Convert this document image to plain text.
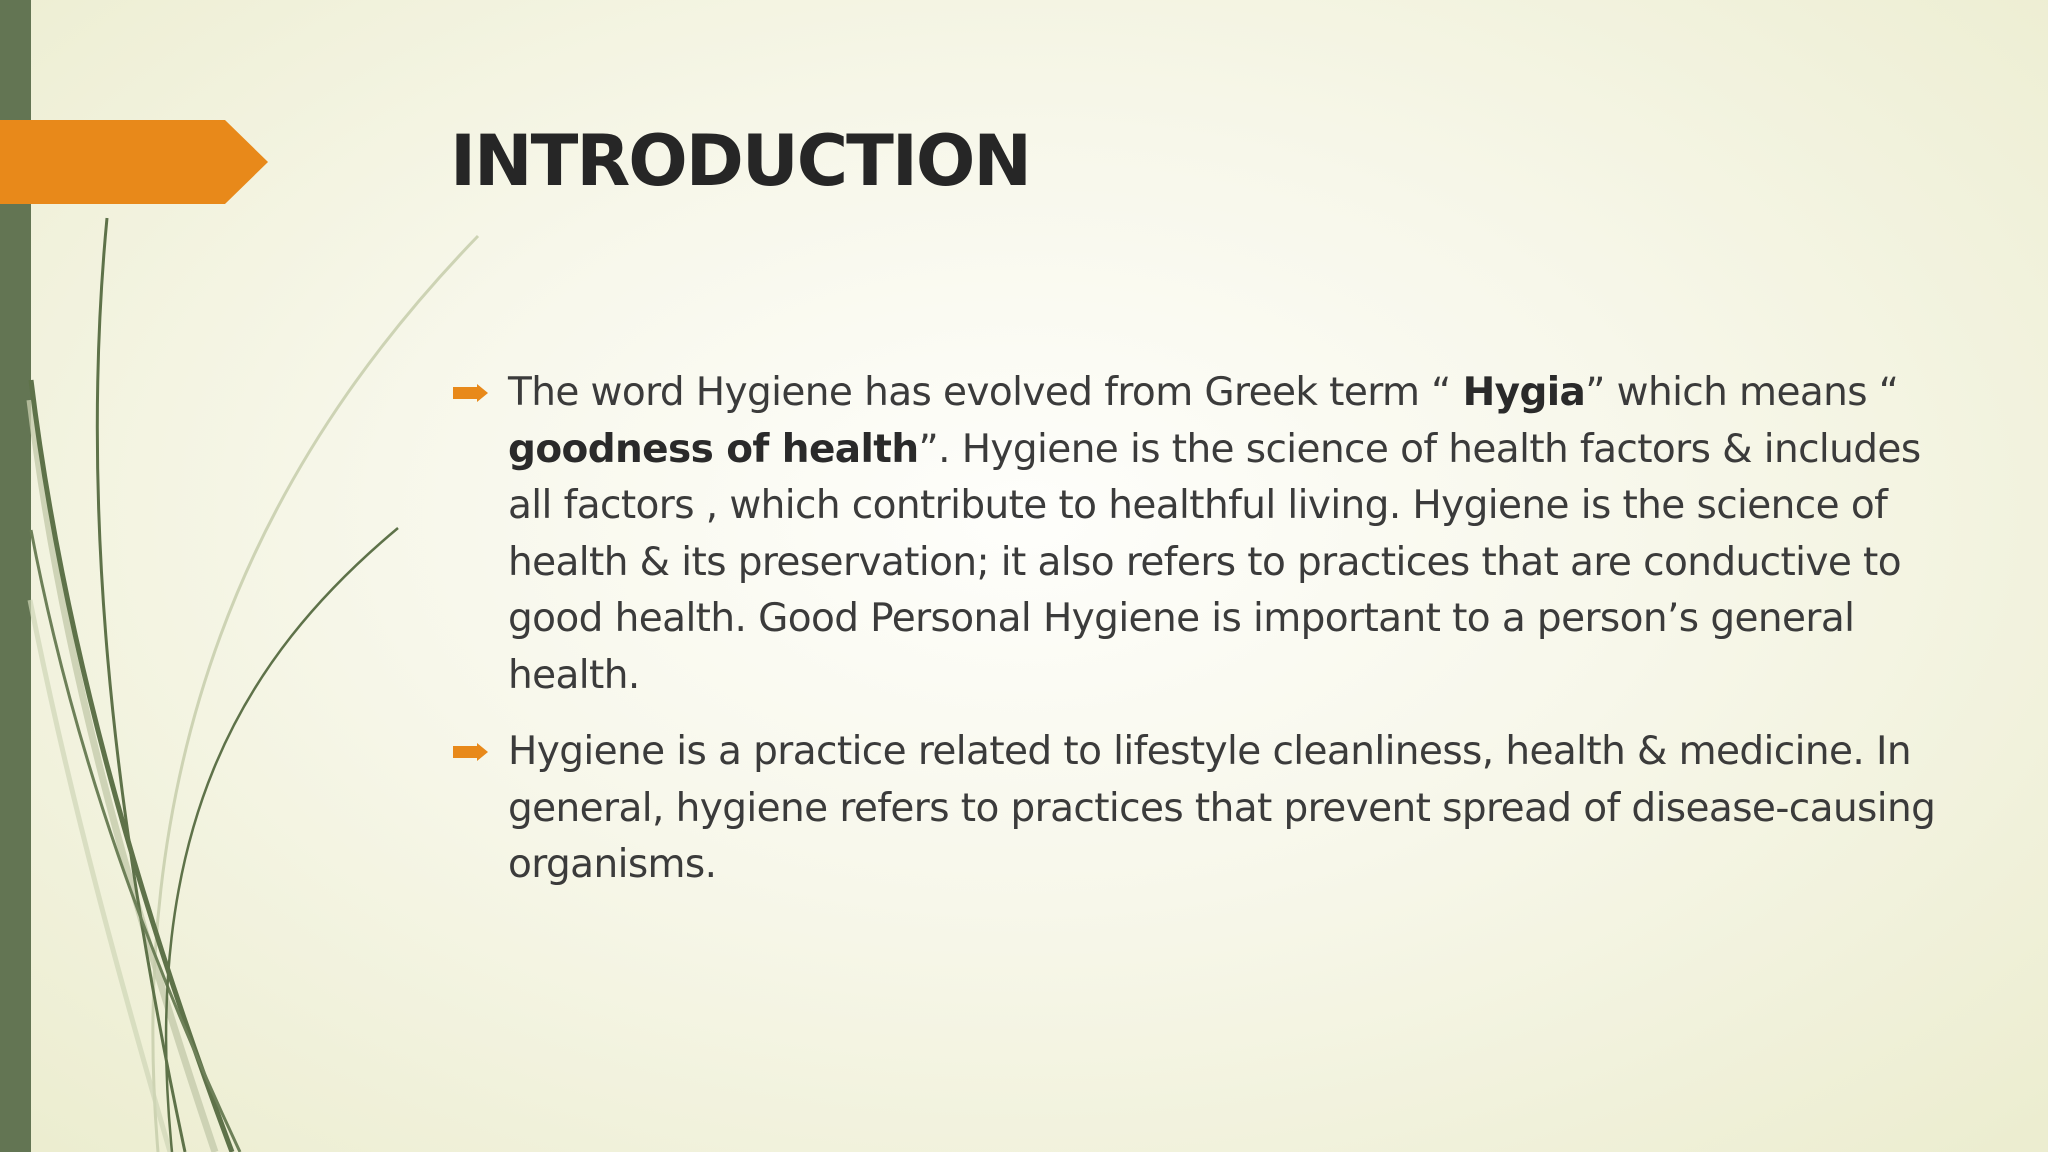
INTRODUCTION
The word Hygiene has evolved from Greek term “ Hygia” which means “ goodness of health”. Hygiene is the science of health factors & includes all factors , which contribute to healthful living. Hygiene is the science of health & its preservation; it also refers to practices that are conductive to good health. Good Personal Hygiene is important to a person’s general health.
Hygiene is a practice related to lifestyle cleanliness, health & medicine. In general, hygiene refers to practices that prevent spread of disease-causing organisms.
